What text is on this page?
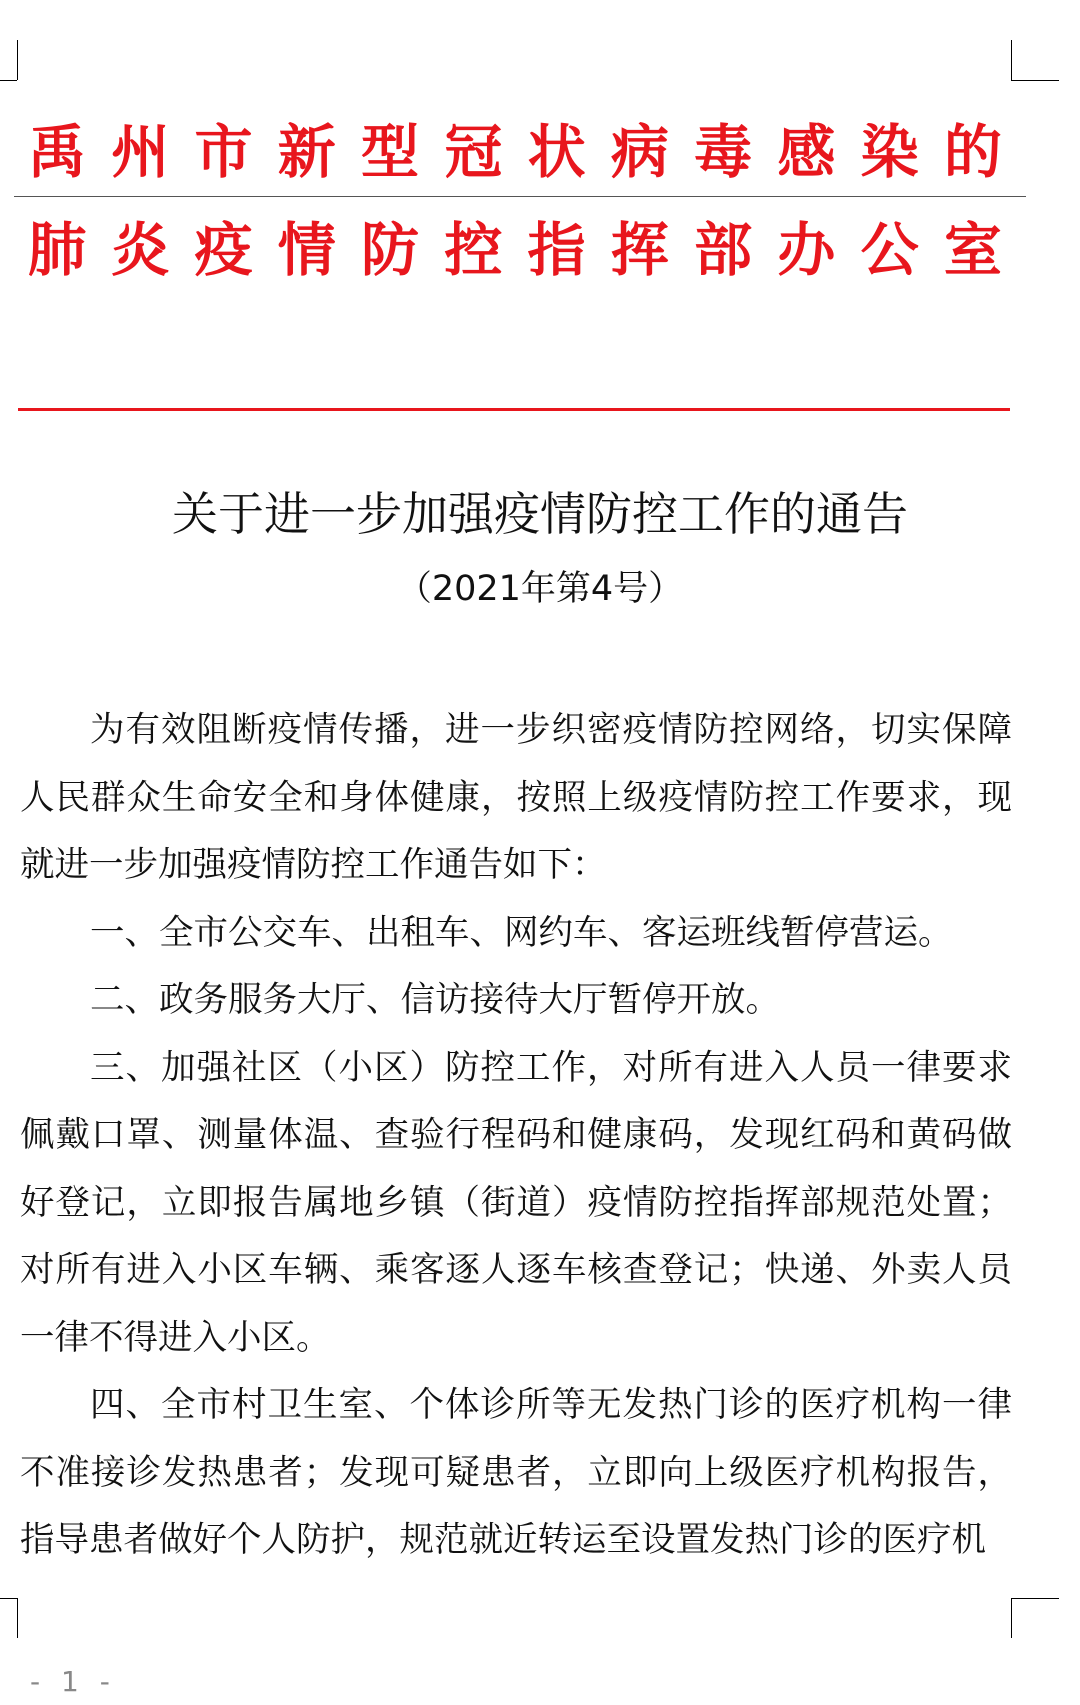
禹 州 市 新 型 冠 状 病 毒 感 染 的
肺 炎 疫 情 防 控 指 挥 部 办 公 室
关于进一步加强疫情防控工作的通告
（2021年第4号）

为有效阻断疫情传播，进一步织密疫情防控网络，切实保障人民群众生命安全和身体健康，按照上级疫情防控工作要求，现就进一步加强疫情防控工作通告如下：

一、全市公交车、出租车、网约车、客运班线暂停营运。

二、政务服务大厅、信访接待大厅暂停开放。

三、加强社区（小区）防控工作，对所有进入人员一律要求佩戴口罩、测量体温、查验行程码和健康码，发现红码和黄码做好登记，立即报告属地乡镇（街道）疫情防控指挥部规范处置；对所有进入小区车辆、乘客逐人逐车核查登记；快递、外卖人员一律不得进入小区。

四、全市村卫生室、个体诊所等无发热门诊的医疗机构一律不准接诊发热患者；发现可疑患者，立即向上级医疗机构报告，指导患者做好个人防护，规范就近转运至设置发热门诊的医疗机

- 1 -
